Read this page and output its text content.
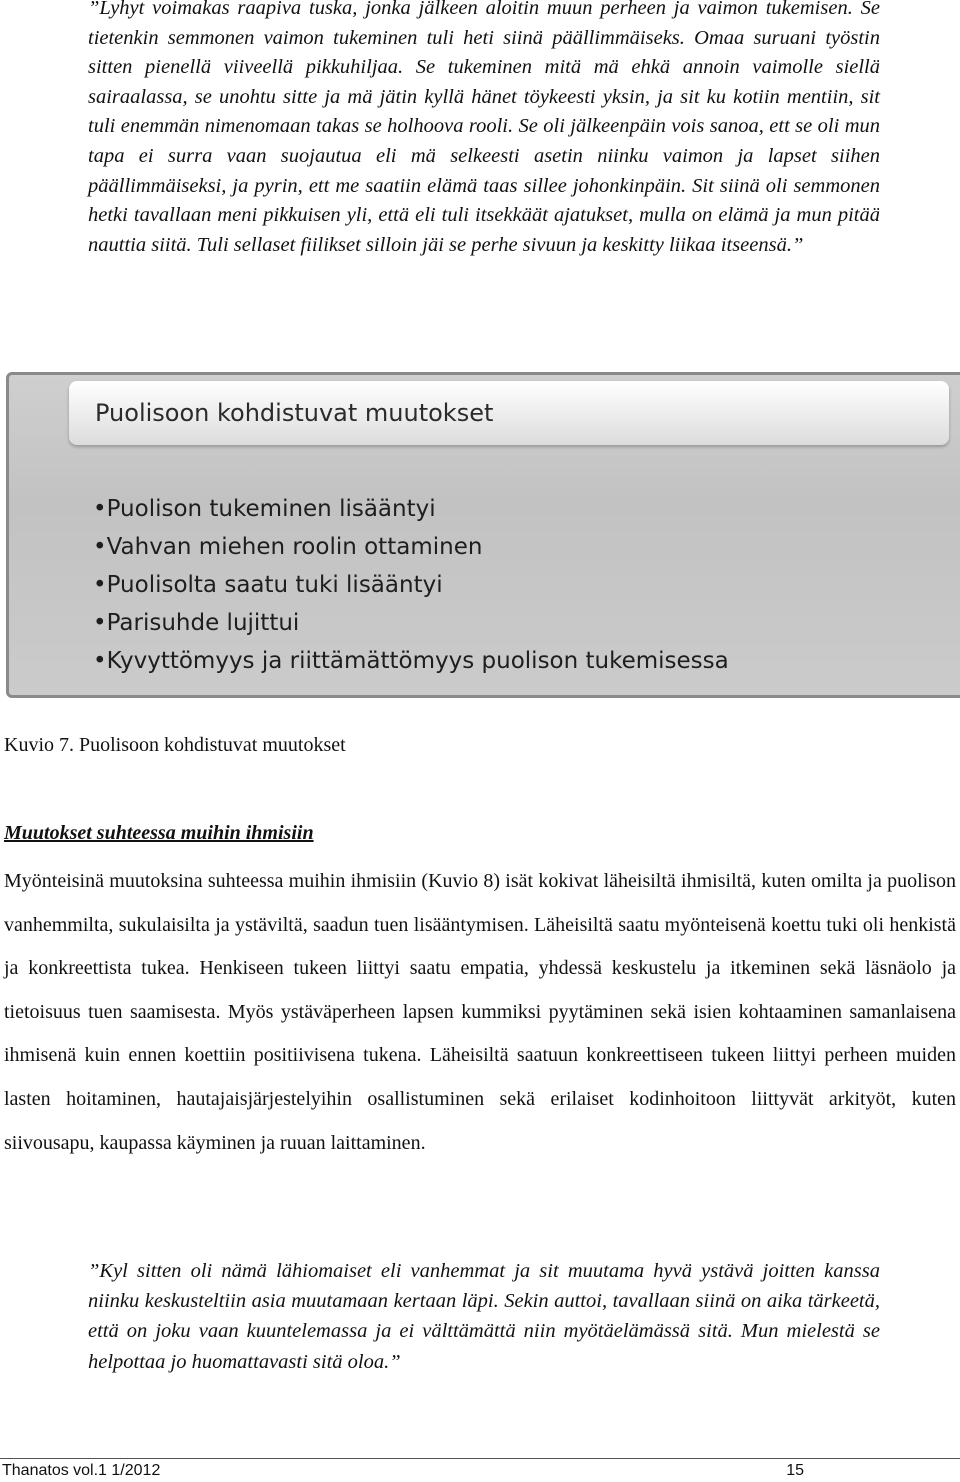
”Lyhyt voimakas raapiva tuska, jonka jälkeen aloitin muun perheen ja vaimon tukemisen. Se tietenkin semmonen vaimon tukeminen tuli heti siinä päällimmäiseks. Omaa suruani työstin sitten pienellä viiveellä pikkuhiljaa. Se tukeminen mitä mä ehkä annoin vaimolle siellä sairaalassa, se unohtu sitte ja mä jätin kyllä hänet töykeesti yksin, ja sit ku kotiin mentiin, sit tuli enemmän nimenomaan takas se holhoova rooli. Se oli jälkeenpäin vois sanoa, ett se oli mun tapa ei surra vaan suojautua eli mä selkeesti asetin niinku vaimon ja lapset siihen päällimmäiseksi, ja pyrin, ett me saatiin elämä taas sillee johonkinpäin. Sit siinä oli semmonen hetki tavallaan meni pikkuisen yli, että eli tuli itsekkäät ajatukset, mulla on elämä ja mun pitää nauttia siitä. Tuli sellaset fiilikset silloin jäi se perhe sivuun ja keskitty liikaa itseensä.”

Puolisoon kohdistuvat muutokset
• Puolison tukeminen lisääntyi
• Vahvan miehen roolin ottaminen
• Puolisolta saatu tuki lisääntyi
• Parisuhde lujittui
• Kyvyttömyys ja riittämättömyys puolison tukemisessa

Kuvio 7. Puolisoon kohdistuvat muutokset

Muutokset suhteessa muihin ihmisiin

Myönteisinä muutoksina suhteessa muihin ihmisiin (Kuvio 8) isät kokivat läheisiltä ihmisiltä, kuten omilta ja puolison vanhemmilta, sukulaisilta ja ystäviltä, saadun tuen lisääntymisen. Läheisiltä saatu myönteisenä koettu tuki oli henkistä ja konkreettista tukea. Henkiseen tukeen liittyi saatu empatia, yhdessä keskustelu ja itkeminen sekä läsnäolo ja tietoisuus tuen saamisesta. Myös ystäväperheen lapsen kummiksi pyytäminen sekä isien kohtaaminen samanlaisena ihmisenä kuin ennen koettiin positiivisena tukena. Läheisiltä saatuun konkreettiseen tukeen liittyi perheen muiden lasten hoitaminen, hautajaisjärjestelyihin osallistuminen sekä erilaiset kodinhoitoon liittyvät arkityöt, kuten siivousapu, kaupassa käyminen ja ruuan laittaminen.

”Kyl sitten oli nämä lähiomaiset eli vanhemmat ja sit muutama hyvä ystävä joitten kanssa niinku keskusteltiin asia muutamaan kertaan läpi. Sekin auttoi, tavallaan siinä on aika tärkeetä, että on joku vaan kuuntelemassa ja ei välttämättä niin myötäelämässä sitä. Mun mielestä se helpottaa jo huomattavasti sitä oloa.”

Thanatos vol.1 1/2012	15
